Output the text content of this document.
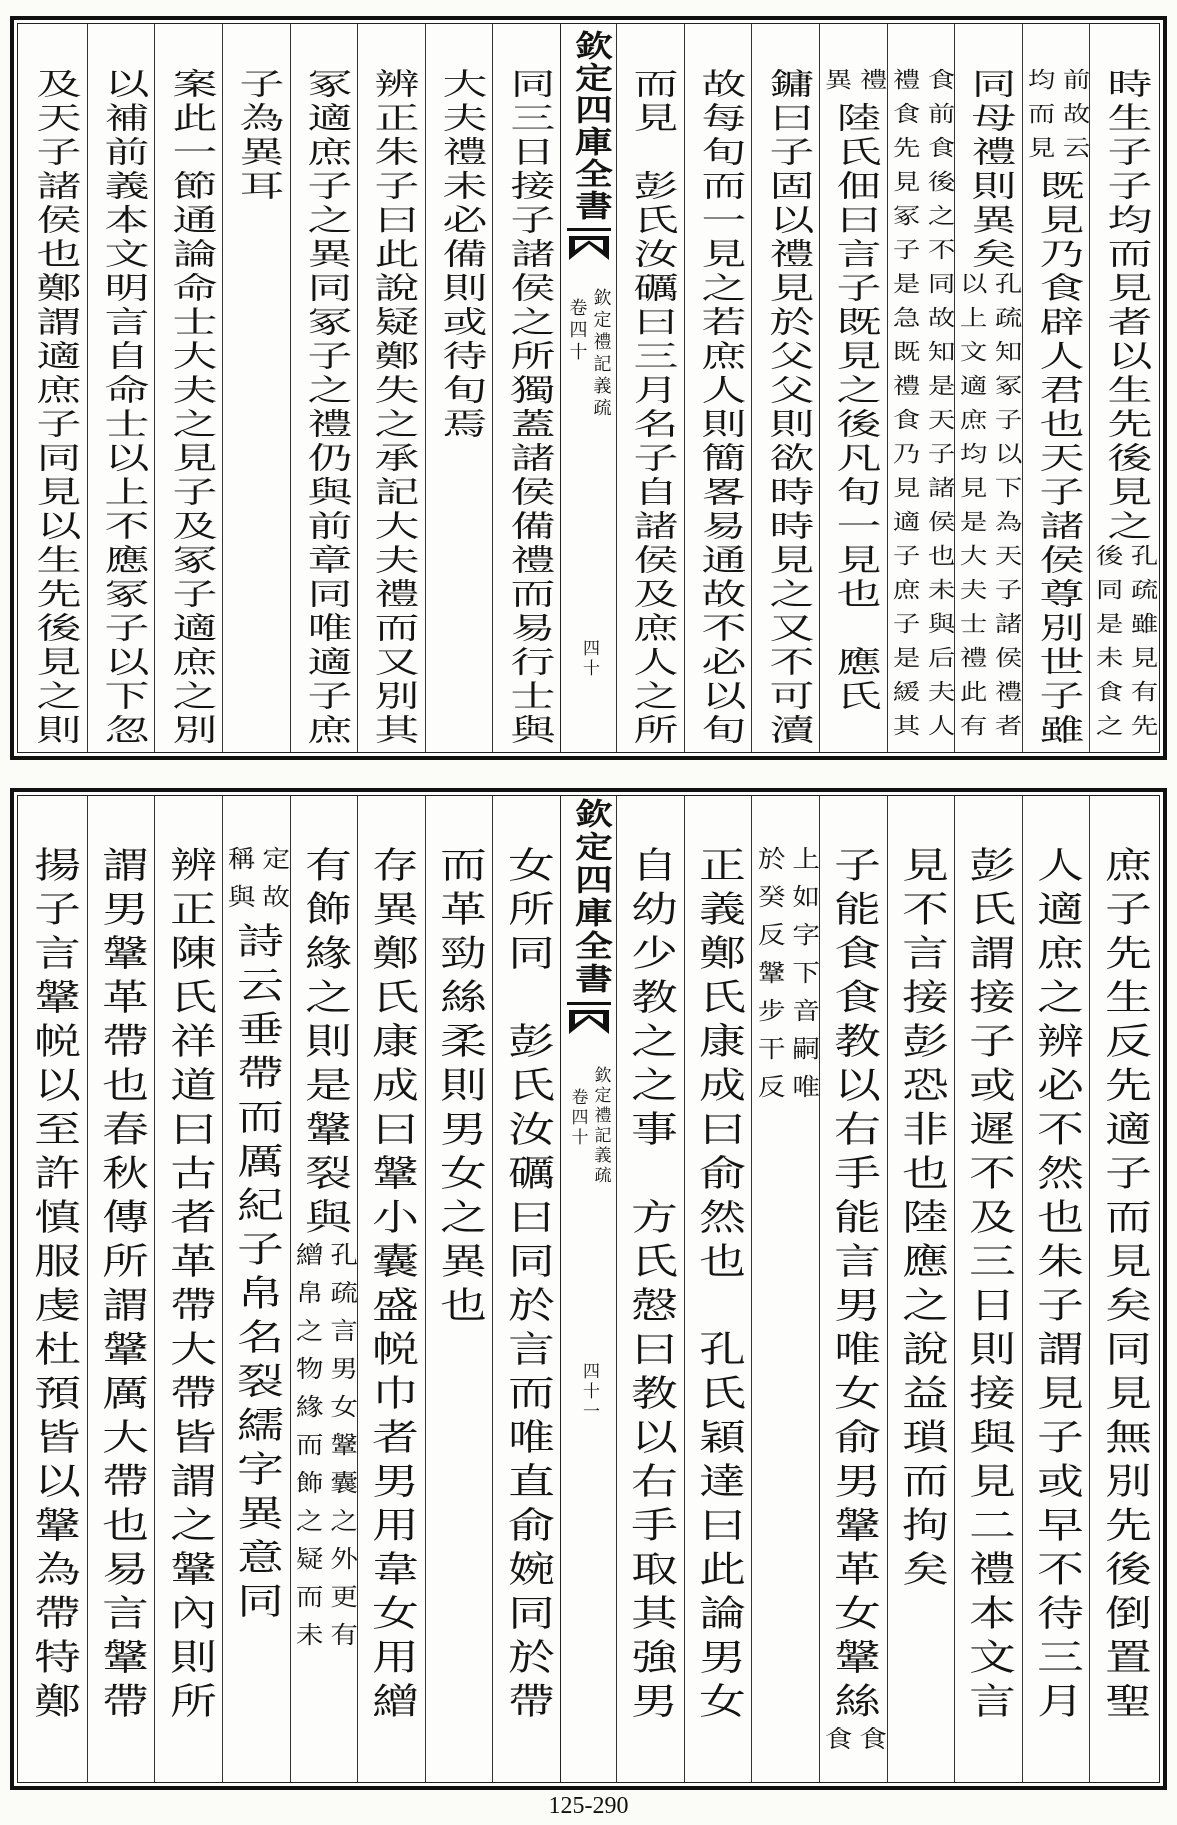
時生子子均而見者以生先後見之
孔疏雖見有先
後同是未食之
前故云
均而見
既見乃食辟人君也天子諸侯尊別世子雖
同母禮則異矣
孔疏知冢子以下為天子諸侯禮者
以上文適庶均見是大夫士禮此有
食前食後之不同故知是天子諸侯也未與后夫人
禮食先見冢子是急既禮食乃見適子庶子是緩其
禮
異
陸氏佃曰言子既見之後凡旬一見也　應氏
鏞曰子固以禮見於父父則欲時時見之又不可瀆
故每旬而一見之若庶人則簡畧易通故不必以旬
而見　彭氏汝礪曰三月名子自諸侯及庶人之所
欽定四庫全書
欽定禮記義疏
卷四十
四十
同三日接子諸侯之所獨蓋諸侯備禮而易行士與
大夫禮未必備則或待旬焉
辨正朱子曰此說疑鄭失之承記大夫禮而又別其
冢適庶子之異同冢子之禮仍與前章同唯適子庶
子為異耳
案此一節通論命士大夫之見子及冢子適庶之別
以補前義本文明言自命士以上不應冢子以下忽
及天子諸侯也鄭謂適庶子同見以生先後見之則
庶子先生反先適子而見矣同見無別先後倒置聖
人適庶之辨必不然也朱子謂見子或早不待三月
彭氏謂接子或遲不及三日則接與見二禮本文言
見不言接彭恐非也陸應之說益瑣而拘矣
子能食食教以右手能言男唯女俞男鞶革女鞶絲
食
食
上如字下音嗣唯
於癸反鞶步干反
正義鄭氏康成曰俞然也　孔氏穎達曰此論男女
自幼少教之之事　方氏慤曰教以右手取其強男
欽定四庫全書
欽定禮記義疏
卷四十
四十一
女所同　彭氏汝礪曰同於言而唯直俞婉同於帶
而革勁絲柔則男女之異也
存異鄭氏康成曰鞶小囊盛帨巾者男用韋女用繒
有飾緣之則是鞶裂與
孔疏言男女鞶囊之外更有
繒帛之物緣而飾之疑而未
定故
稱與
詩云垂帶而厲紀子帛名裂繻字異意同
辨正陳氏祥道曰古者革帶大帶皆謂之鞶內則所
謂男鞶革帶也春秋傳所謂鞶厲大帶也易言鞶帶
揚子言鞶帨以至許慎服虔杜預皆以鞶為帶特鄭
125-290
